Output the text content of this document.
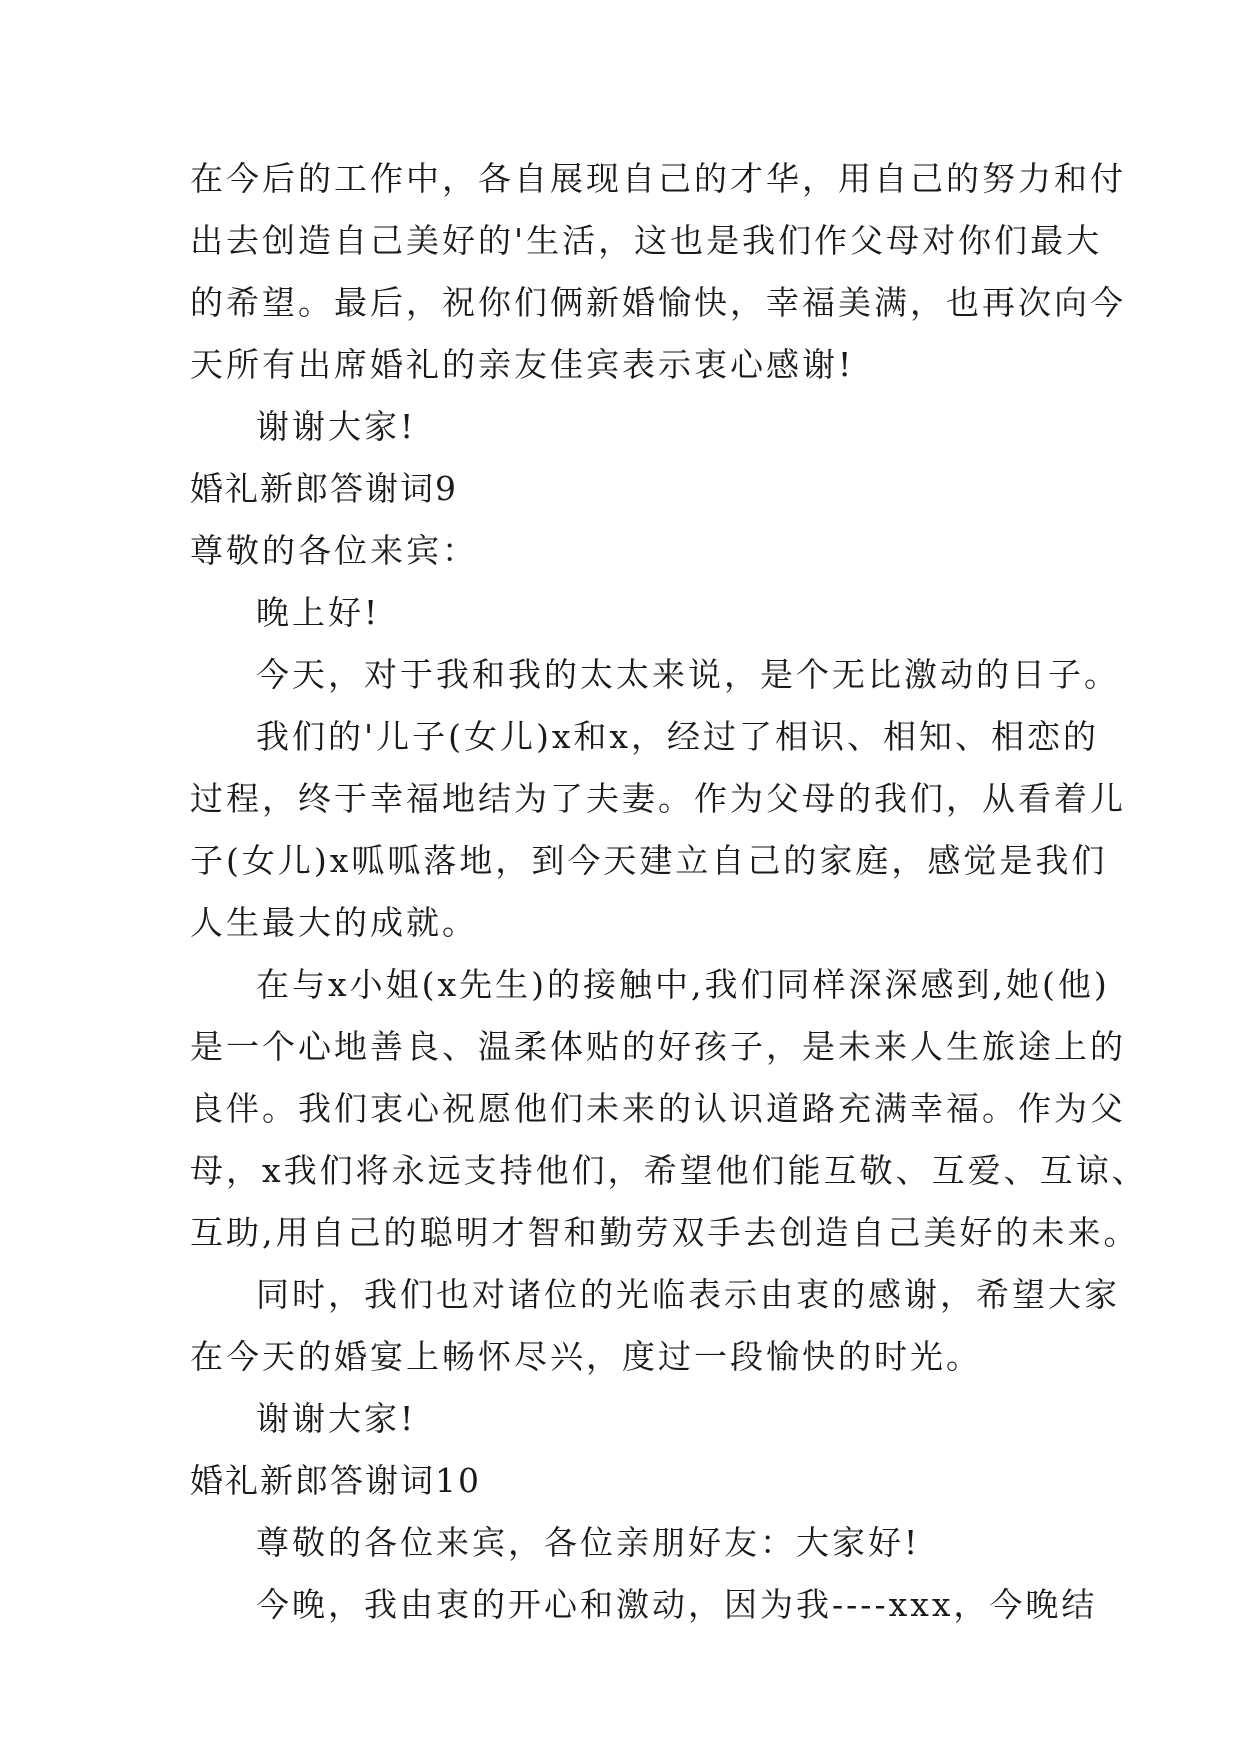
在今后的工作中，各自展现自己的才华，用自己的努力和付
出去创造自己美好的'生活，这也是我们作父母对你们最大
的希望。最后，祝你们俩新婚愉快，幸福美满，也再次向今
天所有出席婚礼的亲友佳宾表示衷心感谢!
谢谢大家!
婚礼新郎答谢词9
尊敬的各位来宾：
晚上好!
今天，对于我和我的太太来说，是个无比激动的日子。
我们的'儿子(女儿)x和x，经过了相识、相知、相恋的
过程，终于幸福地结为了夫妻。作为父母的我们，从看着儿
子(女儿)x呱呱落地，到今天建立自己的家庭，感觉是我们
人生最大的成就。
在与x小姐(x先生)的接触中,我们同样深深感到,她(他)
是一个心地善良、温柔体贴的好孩子，是未来人生旅途上的
良伴。我们衷心祝愿他们未来的认识道路充满幸福。作为父
母，x我们将永远支持他们，希望他们能互敬、互爱、互谅、
互助,用自己的聪明才智和勤劳双手去创造自己美好的未来。
同时，我们也对诸位的光临表示由衷的感谢，希望大家
在今天的婚宴上畅怀尽兴，度过一段愉快的时光。
谢谢大家!
婚礼新郎答谢词10
尊敬的各位来宾，各位亲朋好友：大家好!
今晚，我由衷的开心和激动，因为我----xxx，今晚结
